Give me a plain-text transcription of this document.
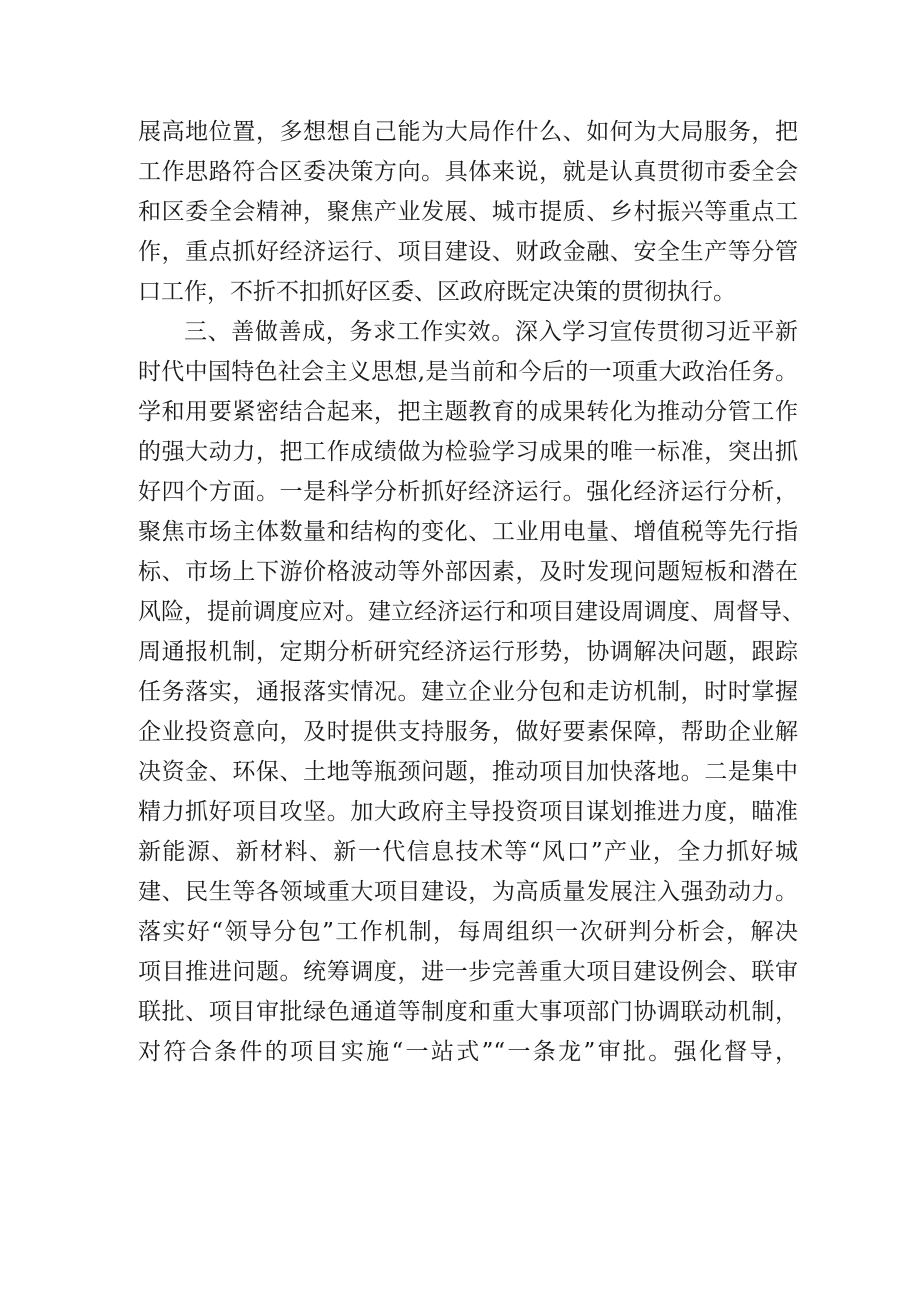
展高地位置，多想想自己能为大局作什么、如何为大局服务，把
工作思路符合区委决策方向。具体来说，就是认真贯彻市委全会
和区委全会精神，聚焦产业发展、城市提质、乡村振兴等重点工
作，重点抓好经济运行、项目建设、财政金融、安全生产等分管
口工作，不折不扣抓好区委、区政府既定决策的贯彻执行。
三、善做善成，务求工作实效。深入学习宣传贯彻习近平新
时代中国特色社会主义思想,是当前和今后的一项重大政治任务。
学和用要紧密结合起来，把主题教育的成果转化为推动分管工作
的强大动力，把工作成绩做为检验学习成果的唯一标准，突出抓
好四个方面。一是科学分析抓好经济运行。强化经济运行分析，
聚焦市场主体数量和结构的变化、工业用电量、增值税等先行指
标、市场上下游价格波动等外部因素，及时发现问题短板和潜在
风险，提前调度应对。建立经济运行和项目建设周调度、周督导、
周通报机制，定期分析研究经济运行形势，协调解决问题，跟踪
任务落实，通报落实情况。建立企业分包和走访机制，时时掌握
企业投资意向，及时提供支持服务，做好要素保障，帮助企业解
决资金、环保、土地等瓶颈问题，推动项目加快落地。二是集中
精力抓好项目攻坚。加大政府主导投资项目谋划推进力度，瞄准
新能源、新材料、新一代信息技术等“风口”产业，全力抓好城
建、民生等各领域重大项目建设，为高质量发展注入强劲动力。
落实好“领导分包”工作机制，每周组织一次研判分析会，解决
项目推进问题。统筹调度，进一步完善重大项目建设例会、联审
联批、项目审批绿色通道等制度和重大事项部门协调联动机制，
对符合条件的项目实施“一站式”“一条龙”审批。强化督导，
